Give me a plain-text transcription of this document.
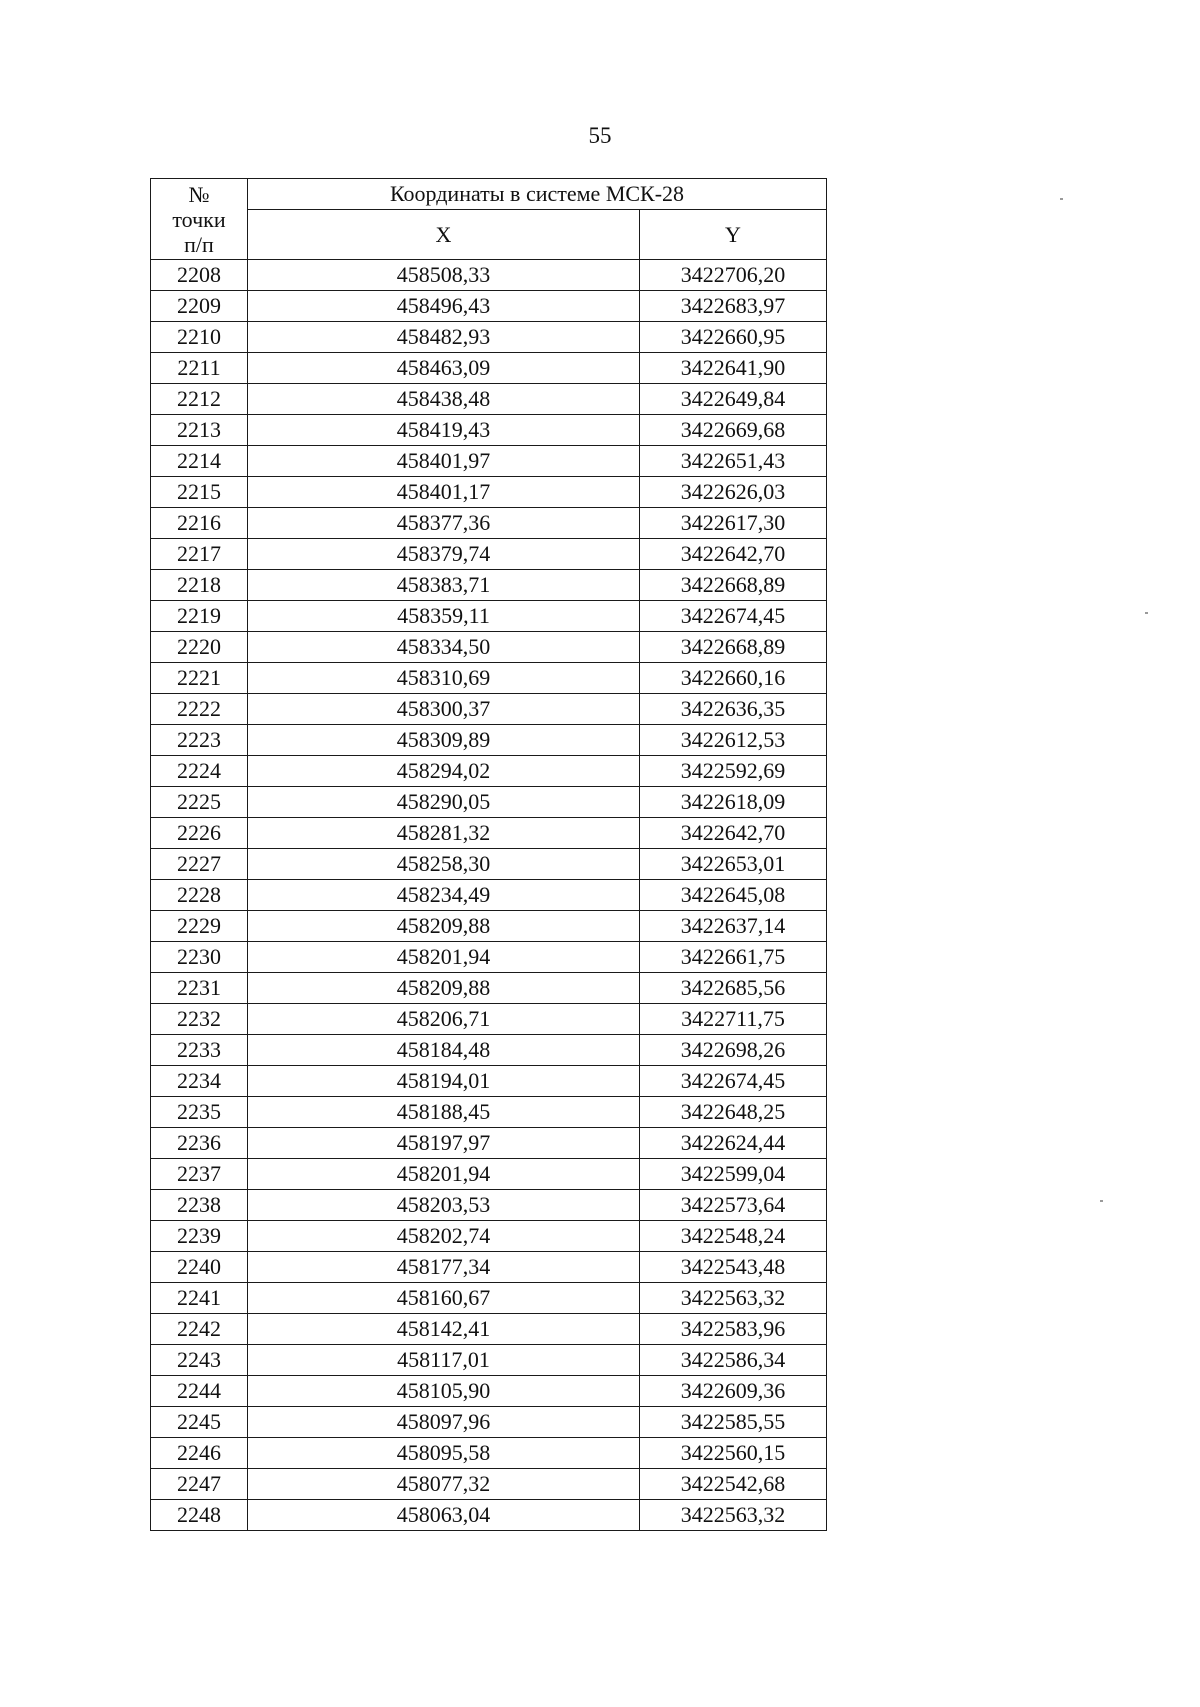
55
№
точки
п/п	Координаты в системе МСК-28	
	X	Y
2208	458508,33	3422706,20
2209	458496,43	3422683,97
2210	458482,93	3422660,95
2211	458463,09	3422641,90
2212	458438,48	3422649,84
2213	458419,43	3422669,68
2214	458401,97	3422651,43
2215	458401,17	3422626,03
2216	458377,36	3422617,30
2217	458379,74	3422642,70
2218	458383,71	3422668,89
2219	458359,11	3422674,45
2220	458334,50	3422668,89
2221	458310,69	3422660,16
2222	458300,37	3422636,35
2223	458309,89	3422612,53
2224	458294,02	3422592,69
2225	458290,05	3422618,09
2226	458281,32	3422642,70
2227	458258,30	3422653,01
2228	458234,49	3422645,08
2229	458209,88	3422637,14
2230	458201,94	3422661,75
2231	458209,88	3422685,56
2232	458206,71	3422711,75
2233	458184,48	3422698,26
2234	458194,01	3422674,45
2235	458188,45	3422648,25
2236	458197,97	3422624,44
2237	458201,94	3422599,04
2238	458203,53	3422573,64
2239	458202,74	3422548,24
2240	458177,34	3422543,48
2241	458160,67	3422563,32
2242	458142,41	3422583,96
2243	458117,01	3422586,34
2244	458105,90	3422609,36
2245	458097,96	3422585,55
2246	458095,58	3422560,15
2247	458077,32	3422542,68
2248	458063,04	3422563,32
